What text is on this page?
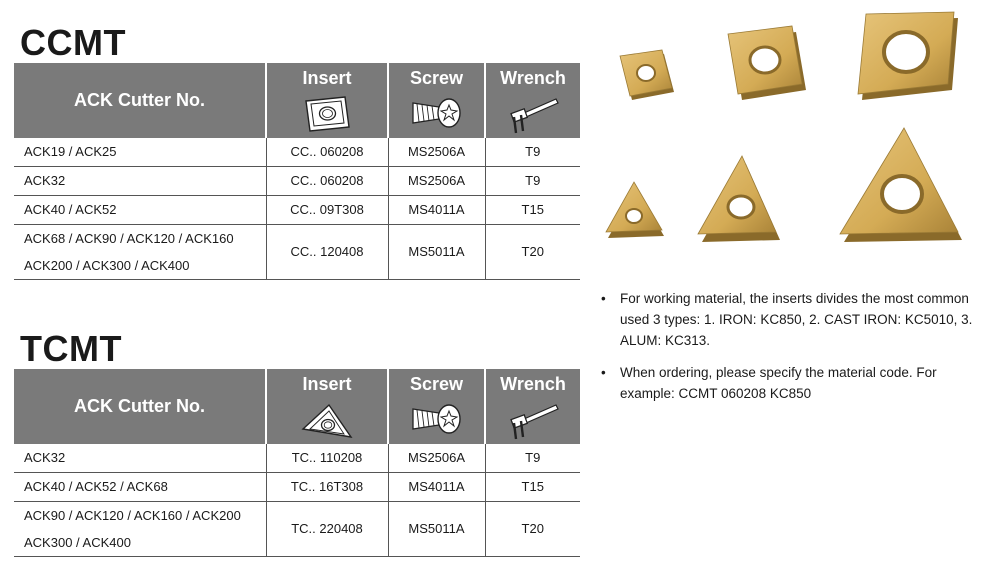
CCMT
ACK Cutter No.	Insert	Screw	Wrench

ACK19 / ACK25	CC.. 060208	MS2506A	T9

ACK32	CC.. 060208	MS2506A	T9

ACK40 / ACK52	CC.. 09T308	MS4011A	T15

ACK68 / ACK90 / ACK120 / ACK160
ACK200 / ACK300 / ACK400	CC.. 120408	MS5011A	T20
TCMT
ACK Cutter No.	Insert	Screw	Wrench

ACK32	TC.. 110208	MS2506A	T9

ACK40 / ACK52 / ACK68	TC.. 16T308	MS4011A	T15

ACK90 / ACK120 / ACK160 / ACK200
ACK300 / ACK400	TC.. 220408	MS5011A	T20
• For working material, the inserts divides the most common used 3 types: 1. IRON: KC850, 2. CAST IRON: KC5010, 3. ALUM: KC313.
• When ordering, please specify the material code. For example: CCMT 060208 KC850
